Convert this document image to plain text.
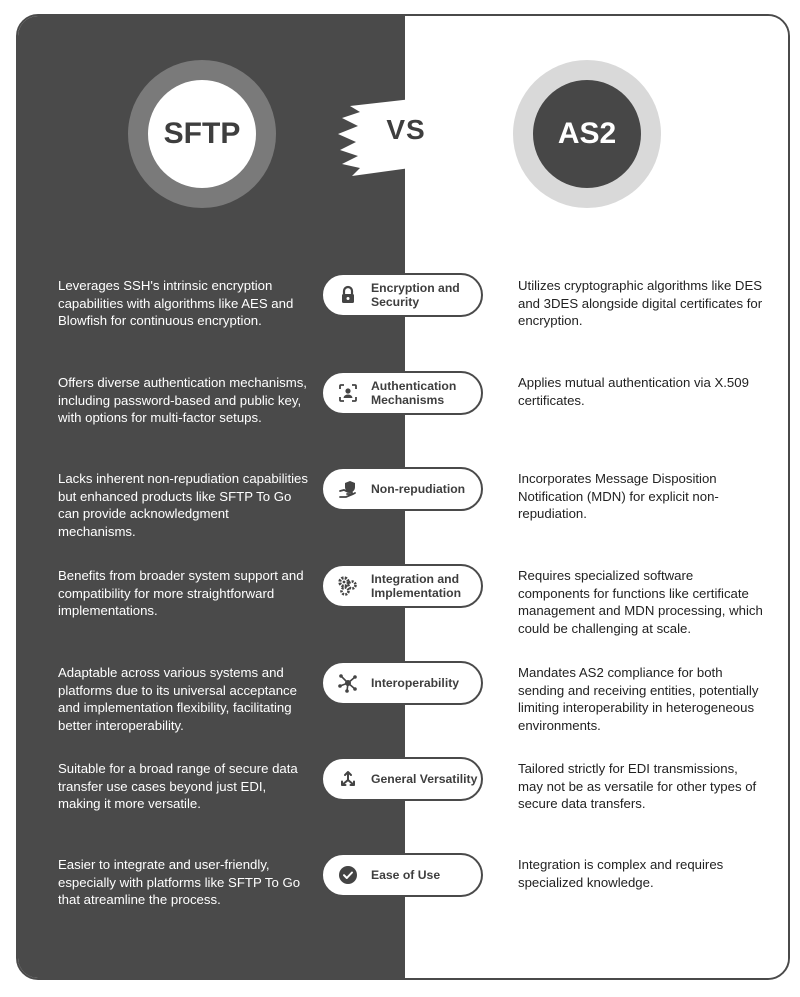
SFTP	VS	AS2
Leverages SSH's intrinsic encryption capabilities with algorithms like AES and Blowfish for continuous encryption.
Encryption and Security
Utilizes cryptographic algorithms like DES and 3DES alongside digital certificates for encryption.
Offers diverse authentication mechanisms, including password-based and public key, with options for multi-factor setups.
Authentication Mechanisms
Applies mutual authentication via X.509 certificates.
Lacks inherent non-repudiation capabilities but enhanced products like SFTP To Go can provide acknowledgment mechanisms.
Non-repudiation
Incorporates Message Disposition Notification (MDN) for explicit non-repudiation.
Benefits from broader system support and compatibility for more straightforward implementations.
Integration and Implementation
Requires specialized software components for functions like certificate management and MDN processing, which could be challenging at scale.
Adaptable across various systems and platforms due to its universal acceptance and implementation flexibility, facilitating better interoperability.
Interoperability
Mandates AS2 compliance for both sending and receiving entities, potentially limiting interoperability in heterogeneous environments.
Suitable for a broad range of secure data transfer use cases beyond just EDI, making it more versatile.
General Versatility
Tailored strictly for EDI transmissions, may not be as versatile for other types of secure data transfers.
Easier to integrate and user-friendly, especially with platforms like SFTP To Go that atreamline the process.
Ease of Use
Integration is complex and requires specialized knowledge.
